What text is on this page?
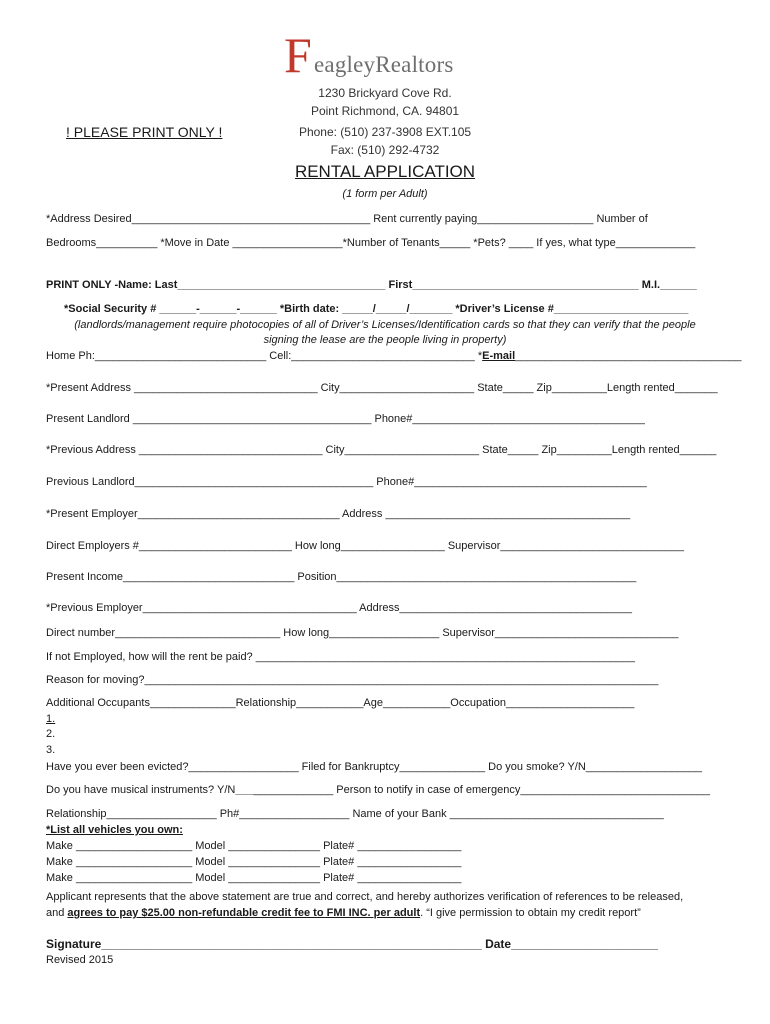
F eagleyRealtors
1230 Brickyard Cove Rd.
Point Richmond, CA. 94801
! PLEASE PRINT ONLY !	Phone: (510) 237-3908 EXT.105
Fax: (510) 292-4732
RENTAL APPLICATION
(1 form per Adult)
*Address Desired_______________________________________ Rent currently paying___________________ Number of
Bedrooms__________ *Move in Date __________________*Number of Tenants_____ *Pets? ____ If yes, what type_____________
PRINT ONLY -Name: Last__________________________________ First_____________________________________ M.I.______
*Social Security # ______-______-______ *Birth date: _____/_____/_______ *Driver’s License #______________________
(landlords/management require photocopies of all of Driver’s Licenses/Identification cards so that they can verify that the people
signing the lease are the people living in property)
Home Ph:____________________________ Cell:______________________________ *E-mail_____________________________________
*Present Address ______________________________ City______________________ State_____ Zip_________Length rented_______
Present Landlord _______________________________________ Phone#______________________________________
*Previous Address ______________________________ City______________________ State_____ Zip_________Length rented______
Previous Landlord_______________________________________ Phone#______________________________________
*Present Employer_________________________________ Address ________________________________________
Direct Employers #_________________________ How long_________________ Supervisor______________________________
Present Income____________________________ Position_________________________________________________
*Previous Employer___________________________________ Address______________________________________
Direct number___________________________ How long__________________ Supervisor______________________________
If not Employed, how will the rent be paid? ______________________________________________________________
Reason for moving?____________________________________________________________________________________
Additional Occupants______________Relationship___________Age___________Occupation_____________________
1.
2.
3.
Have you ever been evicted?__________________ Filed for Bankruptcy______________ Do you smoke? Y/N___________________
Do you have musical instruments? Y/N________________ Person to notify in case of emergency_______________________________
Relationship__________________ Ph#__________________ Name of your Bank ___________________________________
*List all vehicles you own:
Make ___________________ Model _______________ Plate# _________________
Make ___________________ Model _______________ Plate# _________________
Make ___________________ Model _______________ Plate# _________________
Applicant represents that the above statement are true and correct, and hereby authorizes verification of references to be released,
and agrees to pay $25.00 non-refundable credit fee to FMI INC. per adult. “I give permission to obtain my credit report”
Signature_________________________________________________________ Date______________________
Revised 2015
